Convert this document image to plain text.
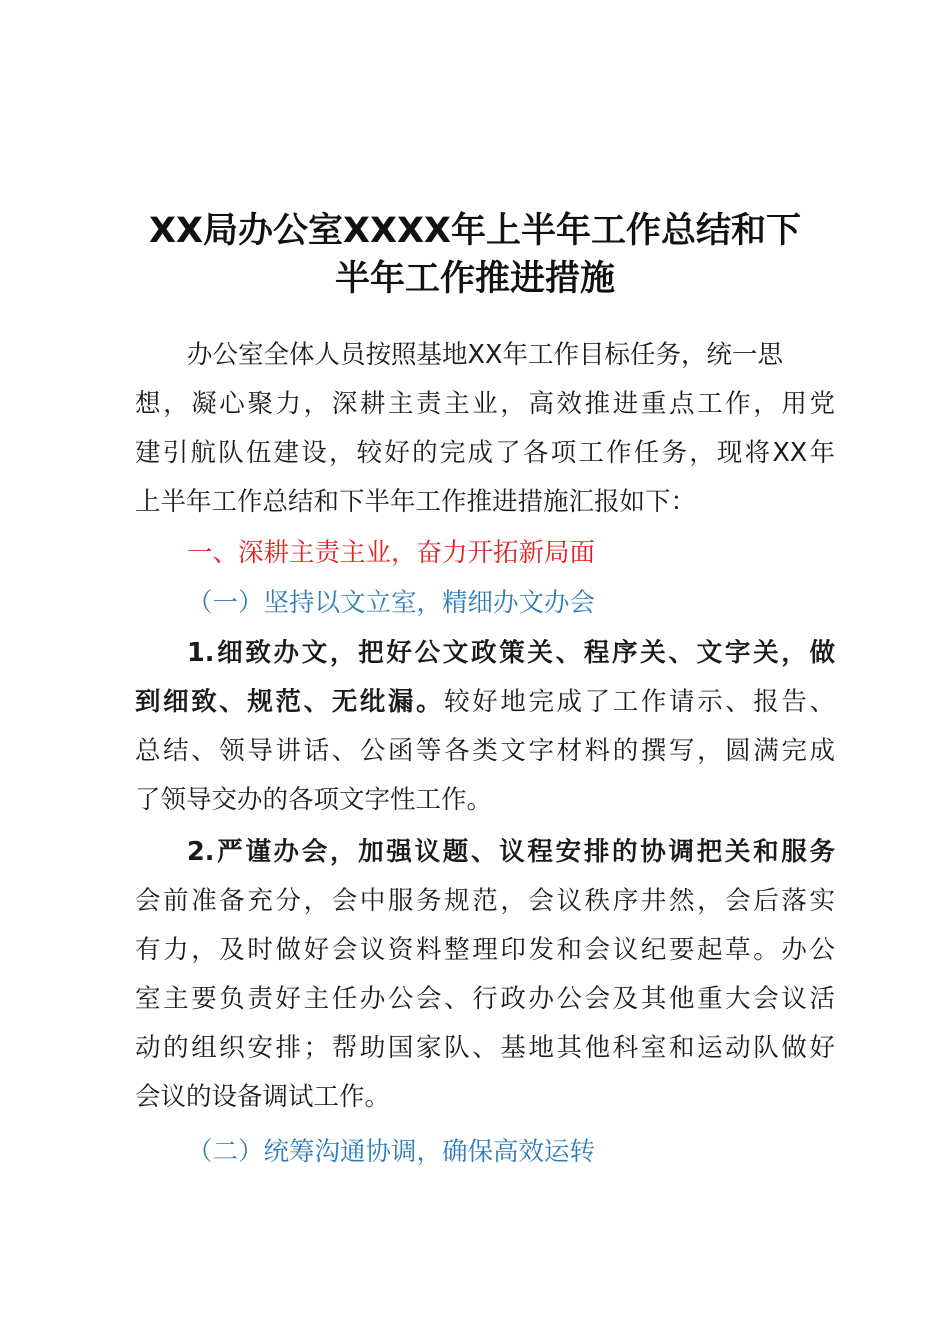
XX局办公室XXXX年上半年工作总结和下
半年工作推进措施
办公室全体人员按照基地XX年工作目标任务，统一思
想，凝心聚力，深耕主责主业，高效推进重点工作，用党
建引航队伍建设，较好的完成了各项工作任务，现将XX年
上半年工作总结和下半年工作推进措施汇报如下：
一、深耕主责主业，奋力开拓新局面
（一）坚持以文立室，精细办文办会
1.细致办文，把好公文政策关、程序关、文字关，做
到细致、规范、无纰漏。较好地完成了工作请示、报告、
总结、领导讲话、公函等各类文字材料的撰写，圆满完成
了领导交办的各项文字性工作。
2.严谨办会，加强议题、议程安排的协调把关和服务
会前准备充分，会中服务规范，会议秩序井然，会后落实
有力，及时做好会议资料整理印发和会议纪要起草。办公
室主要负责好主任办公会、行政办公会及其他重大会议活
动的组织安排；帮助国家队、基地其他科室和运动队做好
会议的设备调试工作。
（二）统筹沟通协调，确保高效运转
